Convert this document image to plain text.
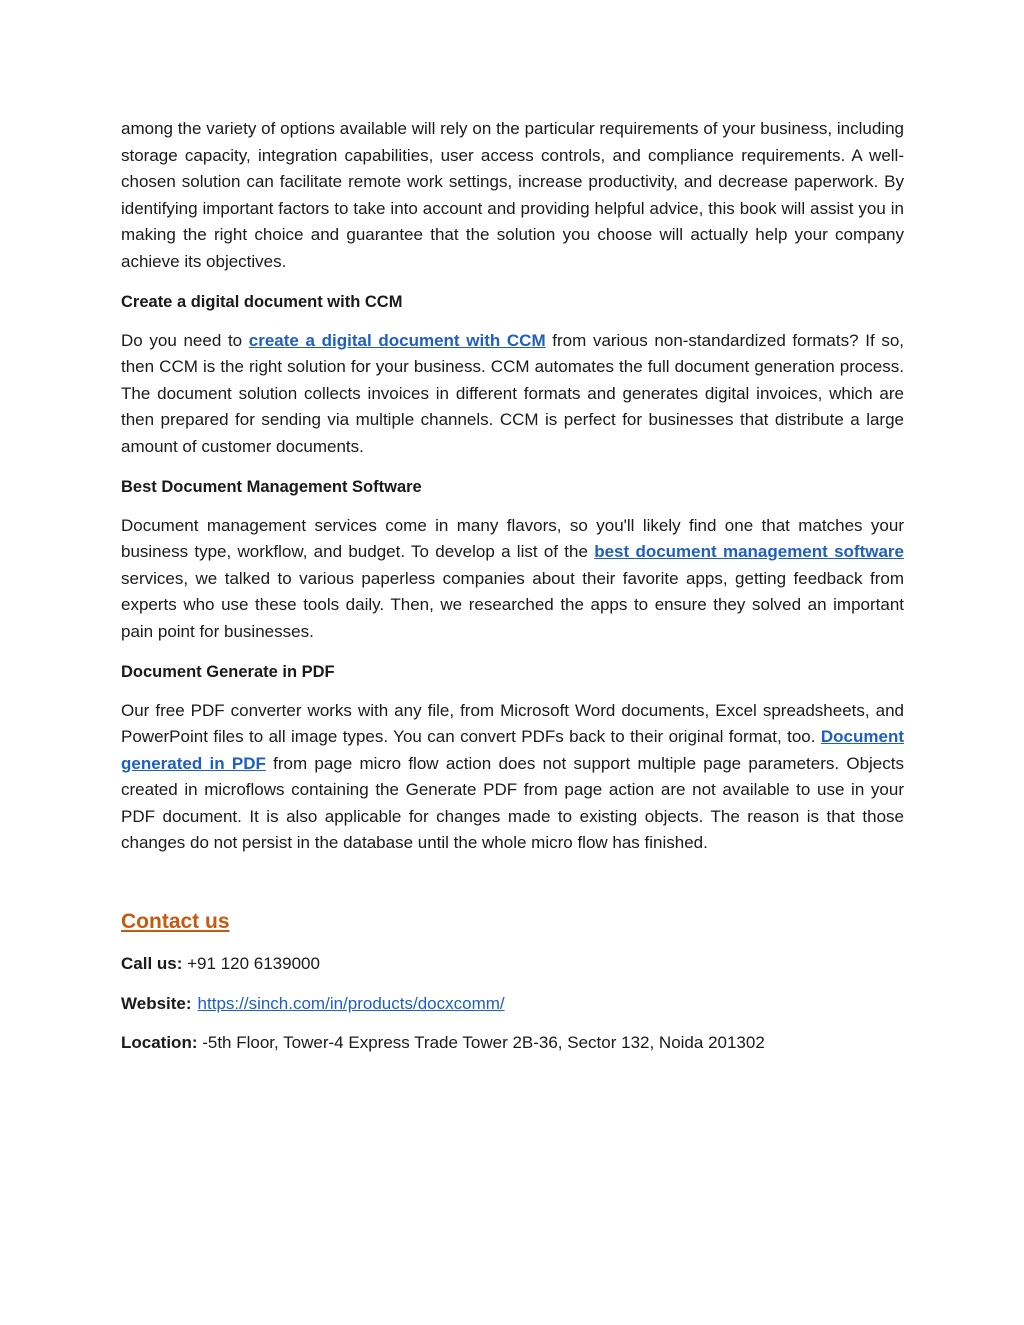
among the variety of options available will rely on the particular requirements of your business, including storage capacity, integration capabilities, user access controls, and compliance requirements. A well-chosen solution can facilitate remote work settings, increase productivity, and decrease paperwork. By identifying important factors to take into account and providing helpful advice, this book will assist you in making the right choice and guarantee that the solution you choose will actually help your company achieve its objectives.

Create a digital document with CCM

Do you need to create a digital document with CCM from various non-standardized formats? If so, then CCM is the right solution for your business. CCM automates the full document generation process. The document solution collects invoices in different formats and generates digital invoices, which are then prepared for sending via multiple channels. CCM is perfect for businesses that distribute a large amount of customer documents.

Best Document Management Software

Document management services come in many flavors, so you'll likely find one that matches your business type, workflow, and budget. To develop a list of the best document management software services, we talked to various paperless companies about their favorite apps, getting feedback from experts who use these tools daily. Then, we researched the apps to ensure they solved an important pain point for businesses.

Document Generate in PDF

Our free PDF converter works with any file, from Microsoft Word documents, Excel spreadsheets, and PowerPoint files to all image types. You can convert PDFs back to their original format, too. Document generated in PDF from page micro flow action does not support multiple page parameters. Objects created in microflows containing the Generate PDF from page action are not available to use in your PDF document. It is also applicable for changes made to existing objects. The reason is that those changes do not persist in the database until the whole micro flow has finished.

Contact us

Call us: +91 120 6139000

Website: https://sinch.com/in/products/docxcomm/

Location: -5th Floor, Tower-4 Express Trade Tower 2B-36, Sector 132, Noida 201302
